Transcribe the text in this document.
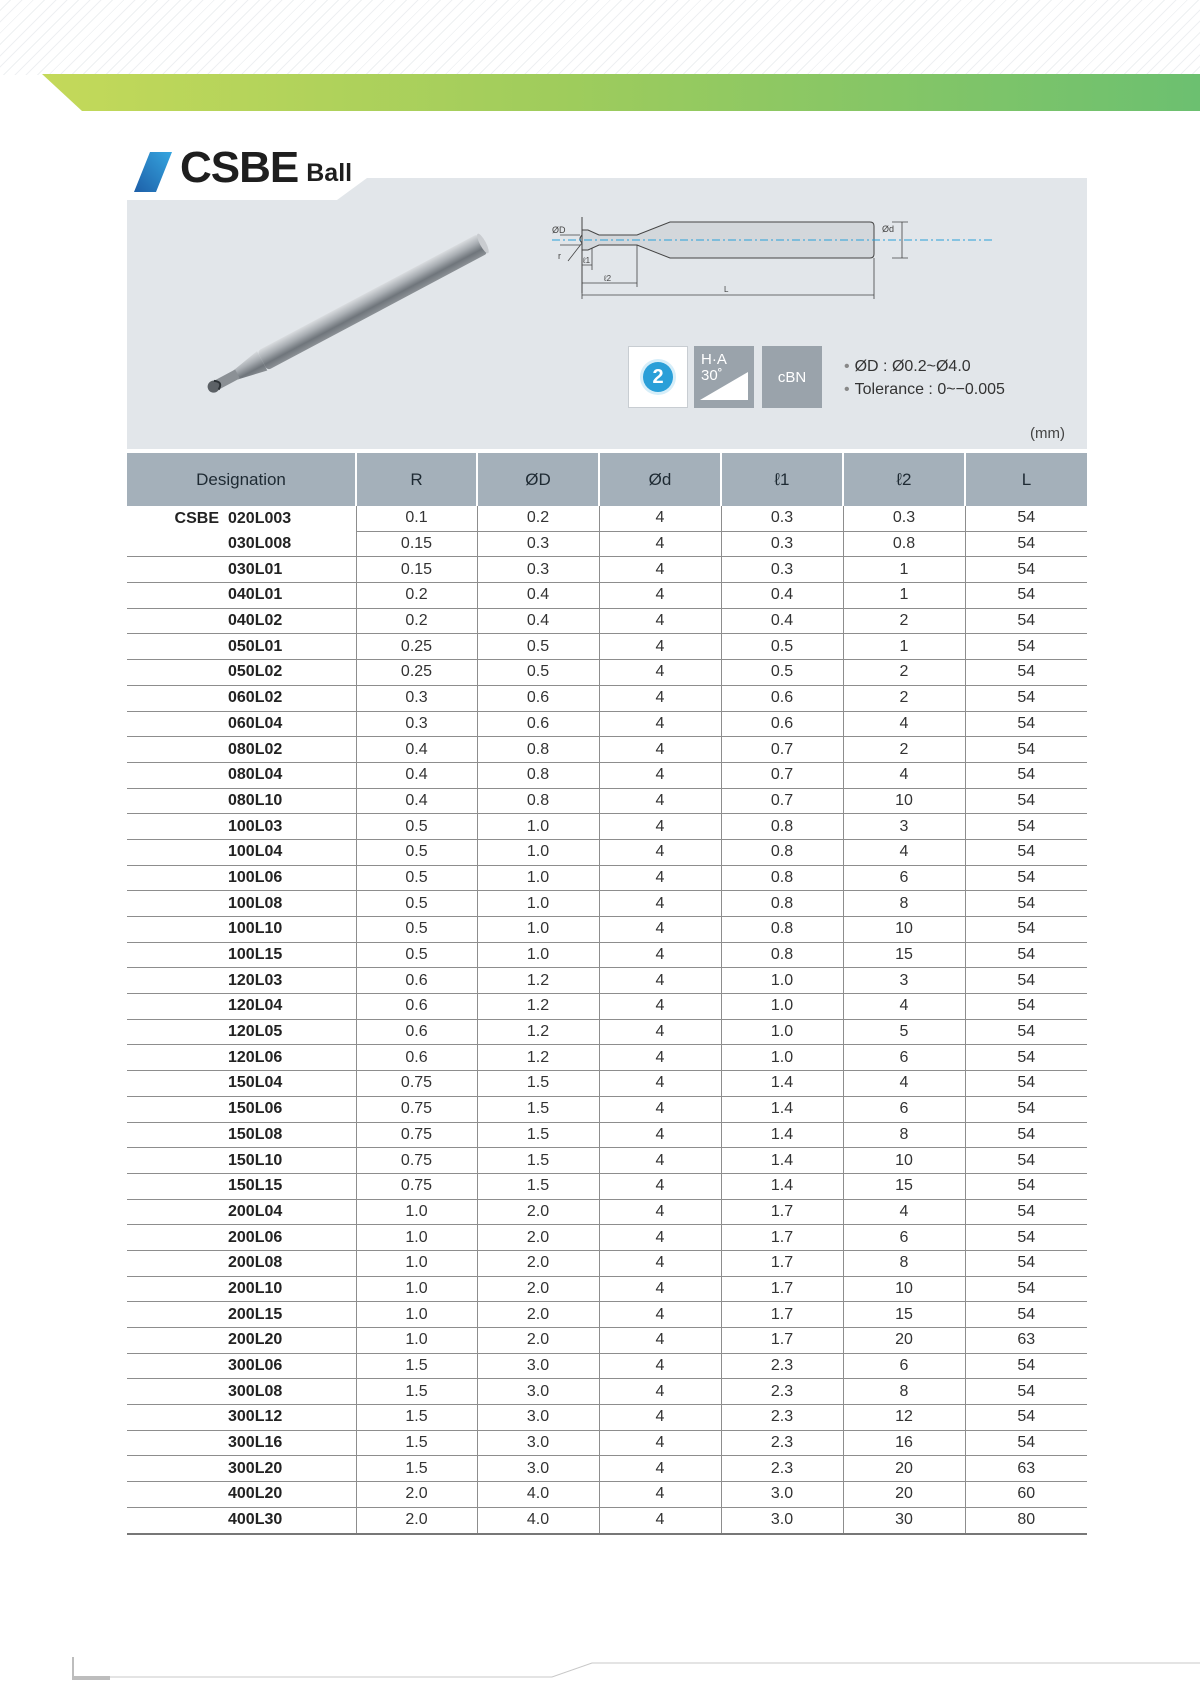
CSBE Ball
ØD	Ød
ℓ1
ℓ2
r
L
2
H·A
30˚	cBN
• ØD : Ø0.2~Ø4.0
• Tolerance : 0~−0.005
(mm)
Designation	R	ØD	Ød	ℓ1	ℓ2	L
CSBE 020L003	0.1	0.2	4	0.3	0.3	54
030L008	0.15	0.3	4	0.3	0.8	54
030L01	0.15	0.3	4	0.3	1	54
040L01	0.2	0.4	4	0.4	1	54
040L02	0.2	0.4	4	0.4	2	54
050L01	0.25	0.5	4	0.5	1	54
050L02	0.25	0.5	4	0.5	2	54
060L02	0.3	0.6	4	0.6	2	54
060L04	0.3	0.6	4	0.6	4	54
080L02	0.4	0.8	4	0.7	2	54
080L04	0.4	0.8	4	0.7	4	54
080L10	0.4	0.8	4	0.7	10	54
100L03	0.5	1.0	4	0.8	3	54
100L04	0.5	1.0	4	0.8	4	54
100L06	0.5	1.0	4	0.8	6	54
100L08	0.5	1.0	4	0.8	8	54
100L10	0.5	1.0	4	0.8	10	54
100L15	0.5	1.0	4	0.8	15	54
120L03	0.6	1.2	4	1.0	3	54
120L04	0.6	1.2	4	1.0	4	54
120L05	0.6	1.2	4	1.0	5	54
120L06	0.6	1.2	4	1.0	6	54
150L04	0.75	1.5	4	1.4	4	54
150L06	0.75	1.5	4	1.4	6	54
150L08	0.75	1.5	4	1.4	8	54
150L10	0.75	1.5	4	1.4	10	54
150L15	0.75	1.5	4	1.4	15	54
200L04	1.0	2.0	4	1.7	4	54
200L06	1.0	2.0	4	1.7	6	54
200L08	1.0	2.0	4	1.7	8	54
200L10	1.0	2.0	4	1.7	10	54
200L15	1.0	2.0	4	1.7	15	54
200L20	1.0	2.0	4	1.7	20	63
300L06	1.5	3.0	4	2.3	6	54
300L08	1.5	3.0	4	2.3	8	54
300L12	1.5	3.0	4	2.3	12	54
300L16	1.5	3.0	4	2.3	16	54
300L20	1.5	3.0	4	2.3	20	63
400L20	2.0	4.0	4	3.0	20	60
400L30	2.0	4.0	4	3.0	30	80
